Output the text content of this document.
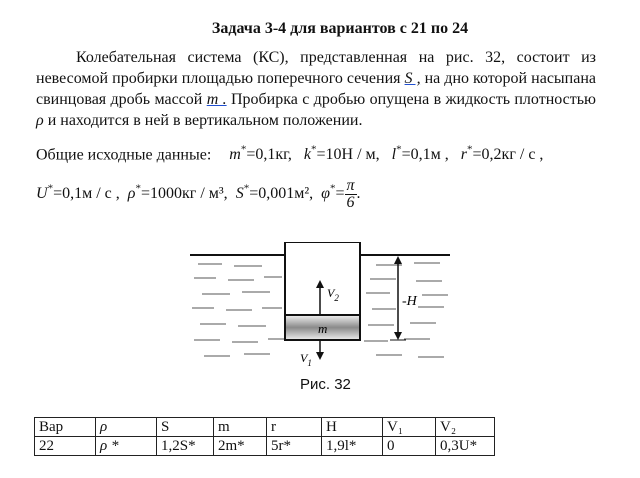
Задача 3-4 для вариантов с 21 по 24
Колебательная система (КС), представленная на рис. 32, состоит из невесомой пробирки площадью поперечного сечения S , на дно которой насыпана свинцовая дробь массой m . Пробирка с дробью опущена в жидкость плотностью ρ и находится в ней в вертикальном положении.
Общие исходные данные: m*=0,1кг, k*=10Н / м, l*=0,1м , r*=0,2кг / с ,
U*=0,1м / с , ρ*=1000кг / м³, S*=0,001м², $\varphi^*= \frac{\pi}{6}$ .
m
$V_2$
$V_1$
-H
Рис. 32
Вар	ρ	S	m	r	H	V₁	V₂
22	ρ *	1,2S*	2m*	5r*	1,9l*	0	0,3U*
